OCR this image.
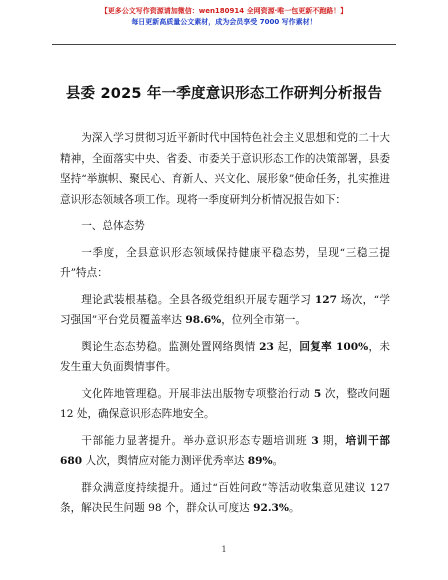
【更多公文写作资源请加微信：wen180914 全网资源·唯一包更新不跑路！】
每日更新高质量公文素材，成为会员享受 7000 写作素材！
县委 2025 年一季度意识形态工作研判分析报告

为深入学习贯彻习近平新时代中国特色社会主义思想和党的二十大精神，全面落实中央、省委、市委关于意识形态工作的决策部署，县委坚持“举旗帜、聚民心、育新人、兴文化、展形象”使命任务，扎实推进意识形态领域各项工作。现将一季度研判分析情况报告如下：

一、总体态势

一季度，全县意识形态领域保持健康平稳态势，呈现“三稳三提升”特点：

理论武装根基稳。全县各级党组织开展专题学习 127 场次，“学习强国”平台党员覆盖率达 98.6%，位列全市第一。

舆论生态态势稳。监测处置网络舆情 23 起，回复率 100%，未发生重大负面舆情事件。

文化阵地管理稳。开展非法出版物专项整治行动 5 次，整改问题 12 处，确保意识形态阵地安全。

干部能力显著提升。举办意识形态专题培训班 3 期，培训干部 680 人次，舆情应对能力测评优秀率达 89%。

群众满意度持续提升。通过“百姓问政”等活动收集意见建议 127 条，解决民生问题 98 个，群众认可度达 92.3%。

1
